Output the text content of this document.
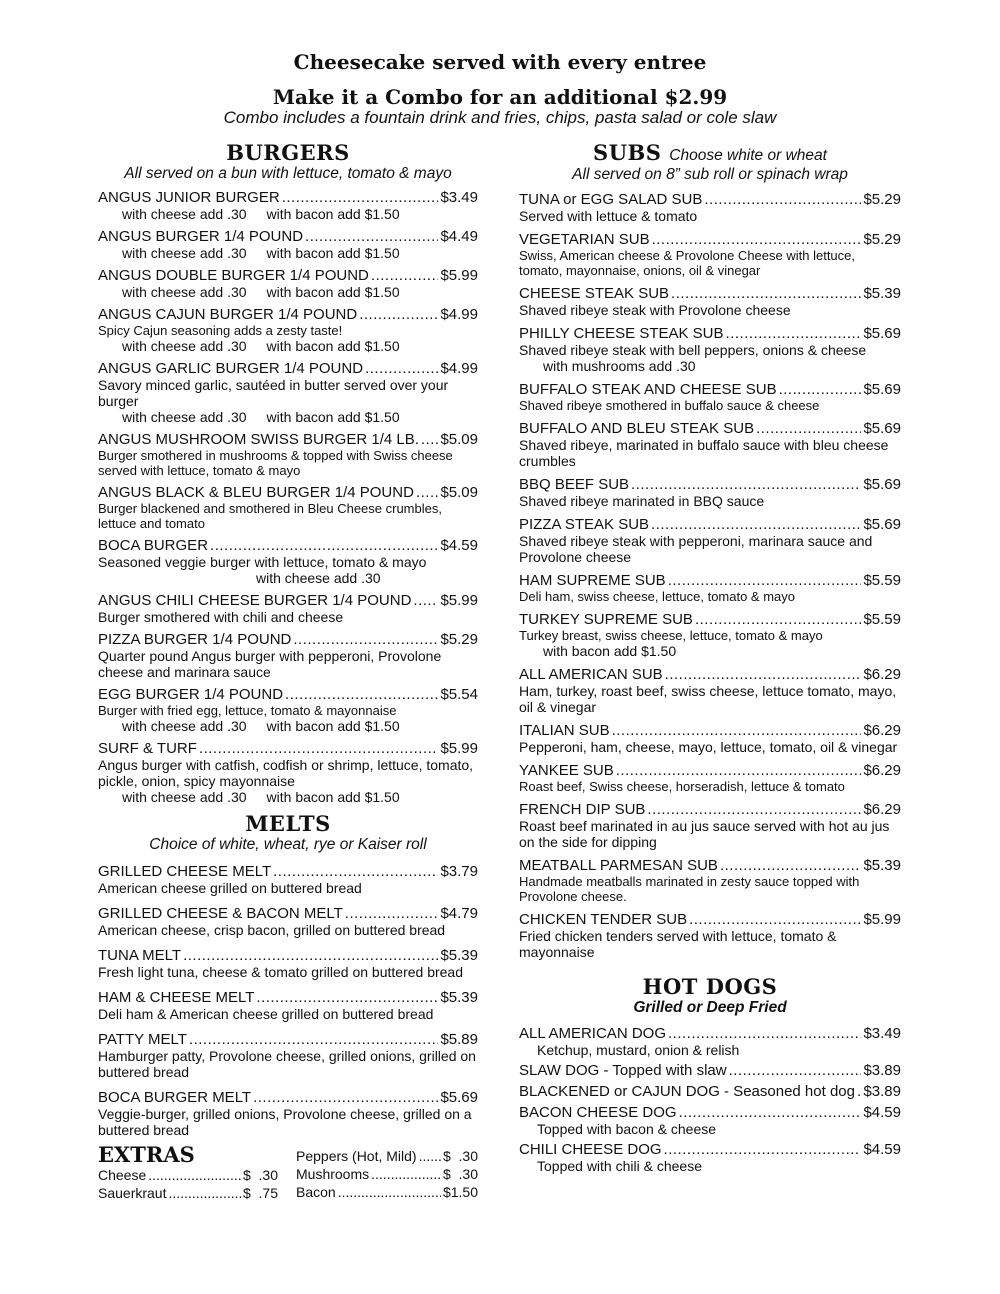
Cheesecake served with every entree
Make it a Combo for an additional $2.99
Combo includes a fountain drink and fries, chips, pasta salad or cole slaw
BURGERS
All served on a bun with lettuce, tomato & mayo
ANGUS JUNIOR BURGER .....	$3.49
with cheese add .30 with bacon add $1.50
ANGUS BURGER 1/4 POUND .....	$4.49
with cheese add .30 with bacon add $1.50
ANGUS DOUBLE BURGER 1/4 POUND .....	$5.99
with cheese add .30 with bacon add $1.50
ANGUS CAJUN BURGER 1/4 POUND .....	$4.99
Spicy Cajun seasoning adds a zesty taste!
with cheese add .30 with bacon add $1.50
ANGUS GARLIC BURGER 1/4 POUND .....	$4.99
Savory minced garlic, sautéed in butter served over your burger
with cheese add .30 with bacon add $1.50
ANGUS MUSHROOM SWISS BURGER 1/4 LB. ..... $5.09
Burger smothered in mushrooms & topped with Swiss cheese served with lettuce, tomato & mayo
ANGUS BLACK & BLEU BURGER 1/4 POUND ..... $5.09
Burger blackened and smothered in Bleu Cheese crumbles, lettuce and tomato
BOCA BURGER .....	$4.59
Seasoned veggie burger with lettuce, tomato & mayo
with cheese add .30
ANGUS CHILI CHEESE BURGER 1/4 POUND ..... $5.99
Burger smothered with chili and cheese
PIZZA BURGER 1/4 POUND .....	$5.29
Quarter pound Angus burger with pepperoni, Provolone cheese and marinara sauce
EGG BURGER 1/4 POUND .....	$5.54
Burger with fried egg, lettuce, tomato & mayonnaise
with cheese add .30 with bacon add $1.50
SURF & TURF .....	$5.99
Angus burger with catfish, codfish or shrimp, lettuce, tomato, pickle, onion, spicy mayonnaise
with cheese add .30 with bacon add $1.50
MELTS
Choice of white, wheat, rye or Kaiser roll
GRILLED CHEESE MELT .....	$3.79
American cheese grilled on buttered bread
GRILLED CHEESE & BACON MELT .....	$4.79
American cheese, crisp bacon, grilled on buttered bread
TUNA MELT .....	$5.39
Fresh light tuna, cheese & tomato grilled on buttered bread
HAM & CHEESE MELT .....	$5.39
Deli ham & American cheese grilled on buttered bread
PATTY MELT .....	$5.89
Hamburger patty, Provolone cheese, grilled onions, grilled on buttered bread
BOCA BURGER MELT .....	$5.69
Veggie-burger, grilled onions, Provolone cheese, grilled on a buttered bread
EXTRAS
Cheese .....	$  .30
Sauerkraut .....	$  .75
Peppers (Hot, Mild) ..... $  .30
Mushrooms .....	$  .30
Bacon .....	$1.50
SUBS Choose white or wheat
All served on 8” sub roll or spinach wrap
TUNA or EGG SALAD SUB .....	$5.29
Served with lettuce & tomato
VEGETARIAN SUB .....	$5.29
Swiss, American cheese & Provolone Cheese with lettuce, tomato, mayonnaise, onions, oil & vinegar
CHEESE STEAK SUB .....	$5.39
Shaved ribeye steak with Provolone cheese
PHILLY CHEESE STEAK SUB .....	$5.69
Shaved ribeye steak with bell peppers, onions & cheese
with mushrooms add .30
BUFFALO STEAK AND CHEESE SUB .....	$5.69
Shaved ribeye smothered in buffalo sauce & cheese
BUFFALO AND BLEU STEAK SUB .....	$5.69
Shaved ribeye, marinated in buffalo sauce with bleu cheese crumbles
BBQ BEEF SUB .....	$5.69
Shaved ribeye marinated in BBQ sauce
PIZZA STEAK SUB .....	$5.69
Shaved ribeye steak with pepperoni, marinara sauce and Provolone cheese
HAM SUPREME SUB .....	$5.59
Deli ham, swiss cheese, lettuce, tomato & mayo
TURKEY SUPREME SUB .....	$5.59
Turkey breast, swiss cheese, lettuce, tomato & mayo
with bacon add $1.50
ALL AMERICAN SUB .....	$6.29
Ham, turkey, roast beef, swiss cheese, lettuce tomato, mayo, oil & vinegar
ITALIAN SUB .....	$6.29
Pepperoni, ham, cheese, mayo, lettuce, tomato, oil & vinegar
YANKEE SUB .....	$6.29
Roast beef, Swiss cheese, horseradish, lettuce & tomato
FRENCH DIP SUB .....	$6.29
Roast beef marinated in au jus sauce served with hot au jus on the side for dipping
MEATBALL PARMESAN SUB .....	$5.39
Handmade meatballs marinated in zesty sauce topped with Provolone cheese.
CHICKEN TENDER SUB .....	$5.99
Fried chicken tenders served with lettuce, tomato & mayonnaise
HOT DOGS
Grilled or Deep Fried
ALL AMERICAN DOG .....	$3.49
Ketchup, mustard, onion & relish
SLAW DOG - Topped with slaw .....	$3.89
BLACKENED or CAJUN DOG - Seasoned hot dog ..... $3.89
BACON CHEESE DOG .....	$4.59
Topped with bacon & cheese
CHILI CHEESE DOG .....	$4.59
Topped with chili & cheese
